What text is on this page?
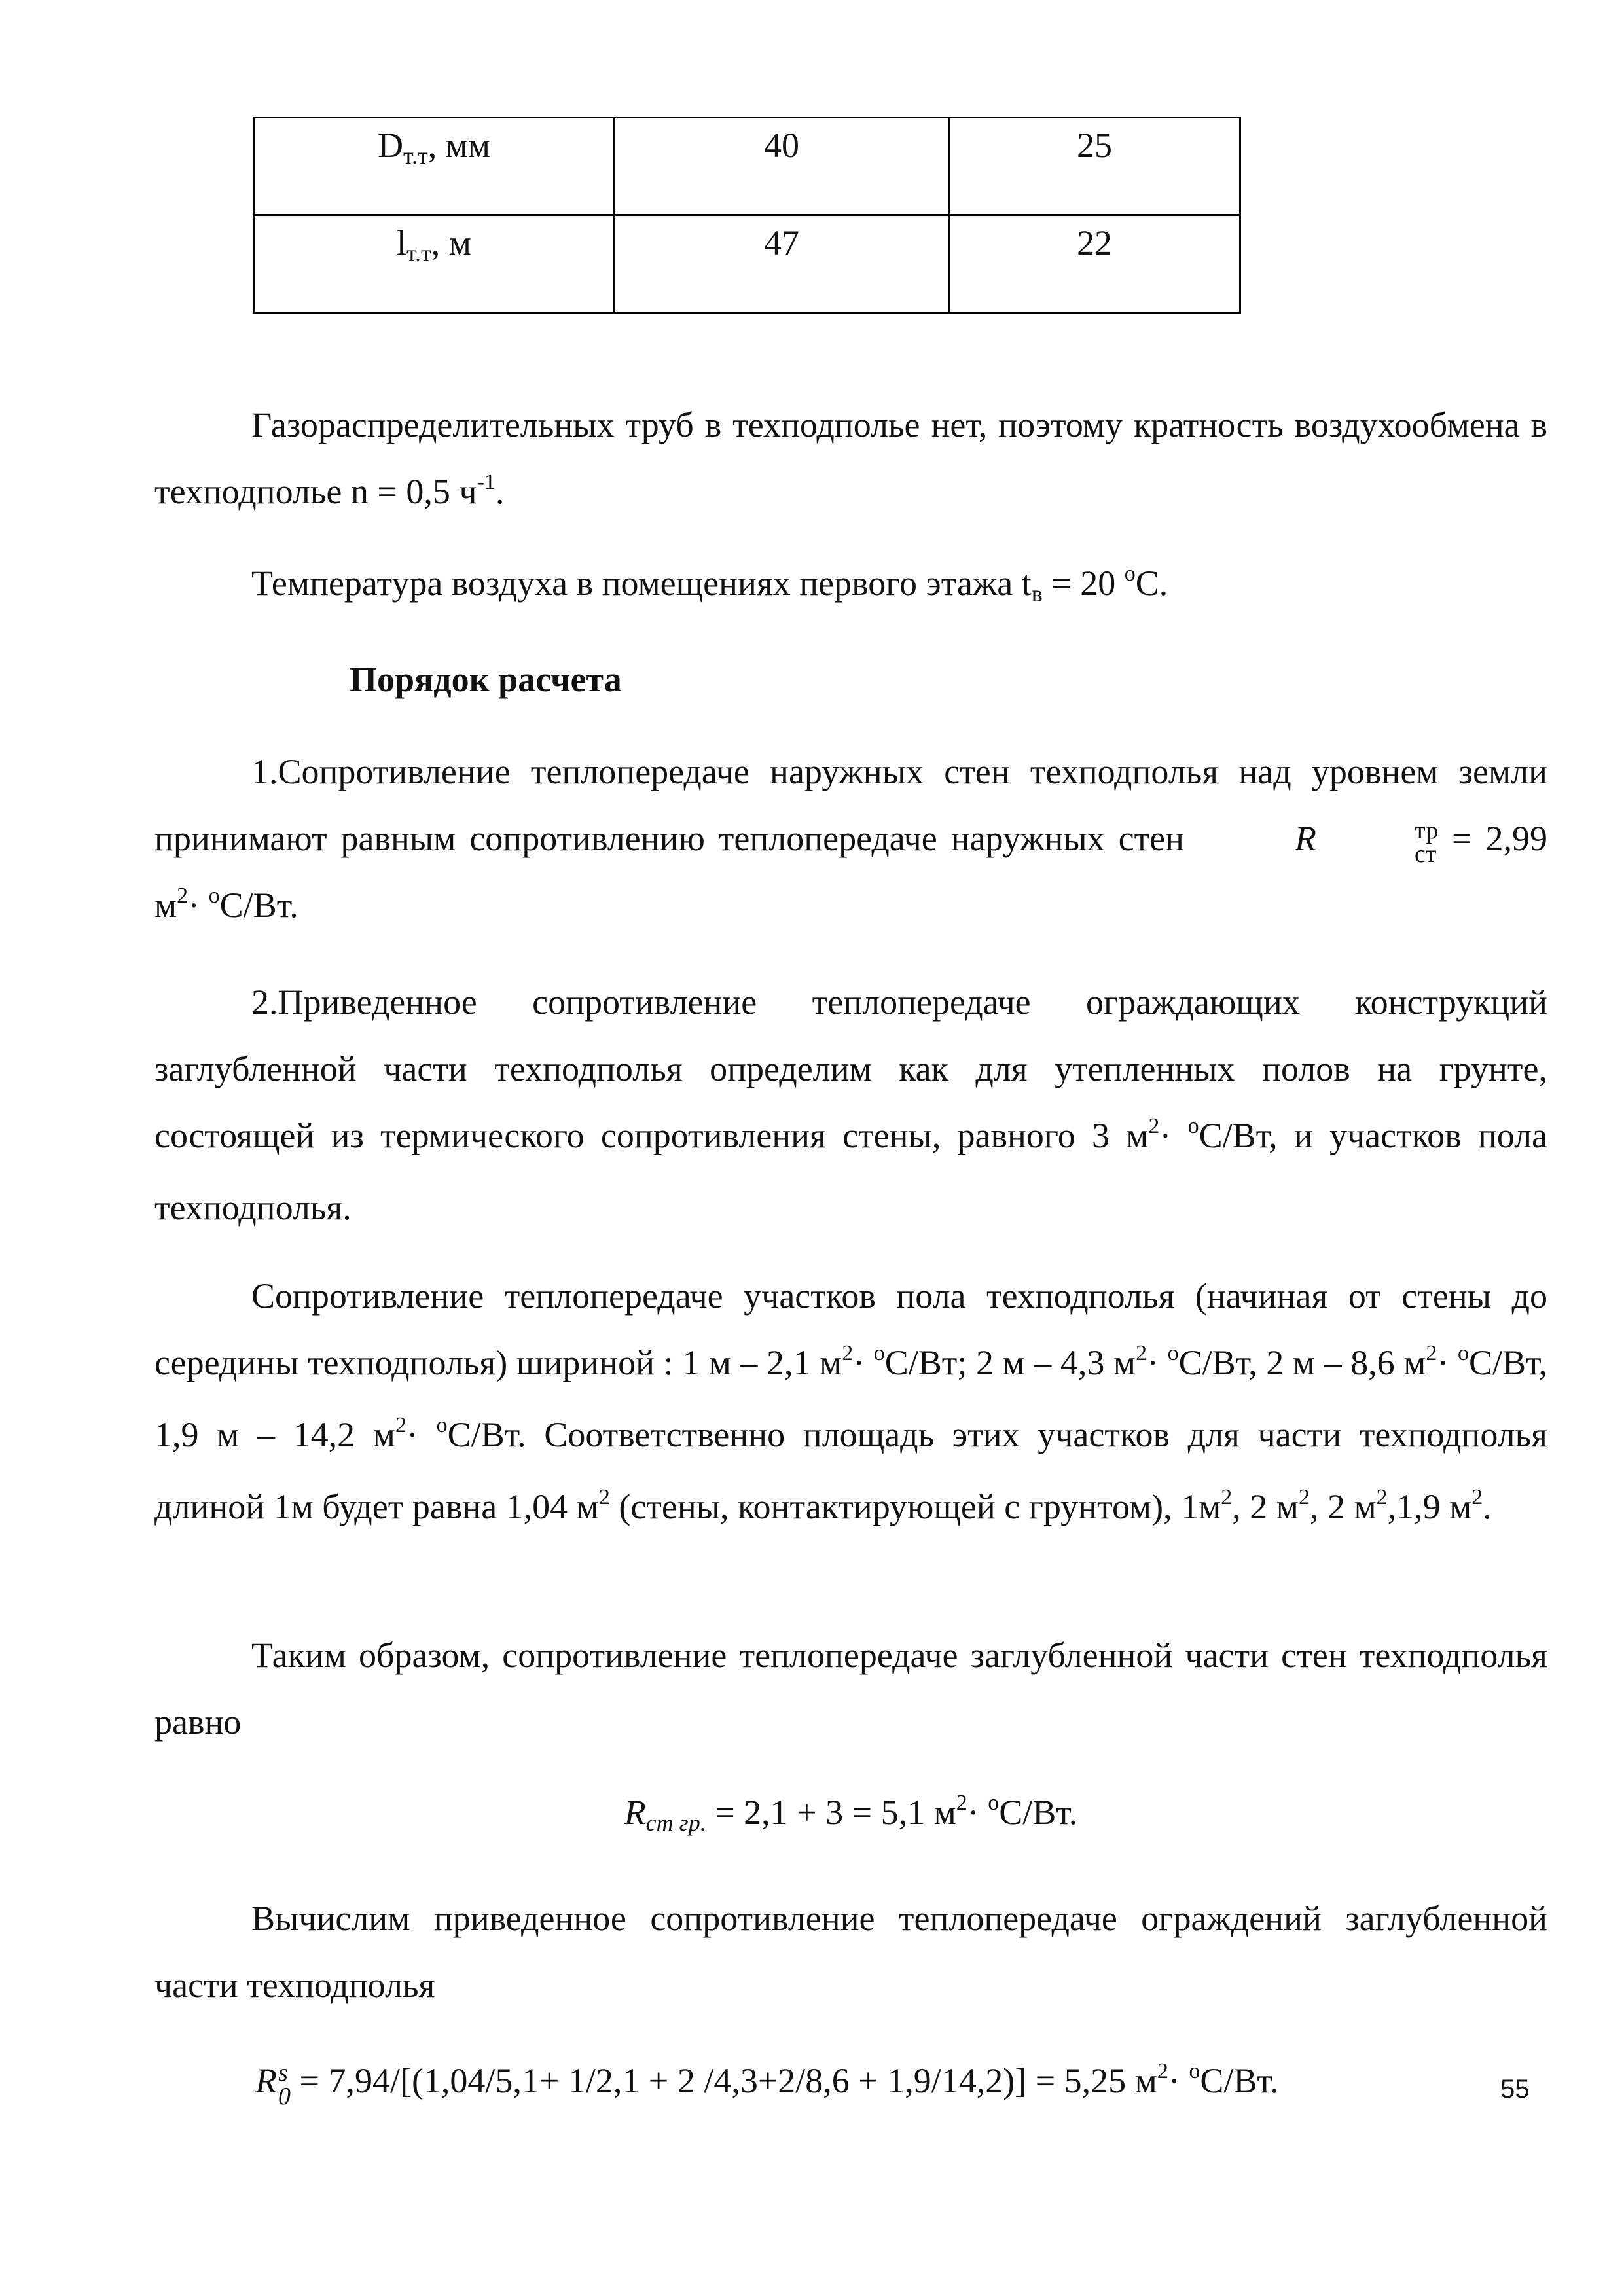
$D_{т.т}$, мм	40	25
$l_{т.т}$, м	47	22
Газораспределительных труб в техподполье нет, поэтому кратность воздухообмена в техподполье n = 0,5 $ч^{-1}$.
Температура воздуха в помещениях первого этажа $t_в = 20$ $^o$С.
Порядок расчета
1.Сопротивление теплопередаче наружных стен техподполья над уровнем земли принимают равным сопротивлению теплопередаче наружных стен	R	тр
ст = 2,99 $м^2\cdot ^oС/Вт$.
2.Приведенное сопротивление теплопередаче ограждающих конструкций заглубленной части техподполья определим как для утепленных полов на грунте, состоящей из термического сопротивления стены, равного 3 $м^2\cdot ^oС/Вт$, и участков пола техподполья.
Сопротивление теплопередаче участков пола техподполья (начиная от стены до середины техподполья) шириной : 1 м – 2,1 $м^2\cdot ^oС/Вт$; 2 м – 4,3 $м^2\cdot ^oС/Вт$, 2 м – 8,6 $м^2\cdot ^oС/Вт$, 1,9 м – 14,2 $м^2\cdot ^oС/Вт$. Соответственно площадь этих участков для части техподполья длиной 1м будет равна 1,04 $м^2$ (стены, контактирующей с грунтом), $1м^2$, 2 $м^2$, 2 $м^2,1,9$ $м^2$.
Таким образом, сопротивление теплопередаче заглубленной части стен техподполья равно
$R_{ст гр.} = 2,1 + 3 = 5,1$ $м^2\cdot ^oС/Вт$.
Вычислим приведенное сопротивление теплопередаче ограждений заглубленной части техподполья
R s
0 = 7,94/[(1,04/5,1+ 1/2,1 + 2 /4,3+2/8,6 + 1,9/14,2)] = 5,25 $м^2\cdot ^oС/Вт$.	55
